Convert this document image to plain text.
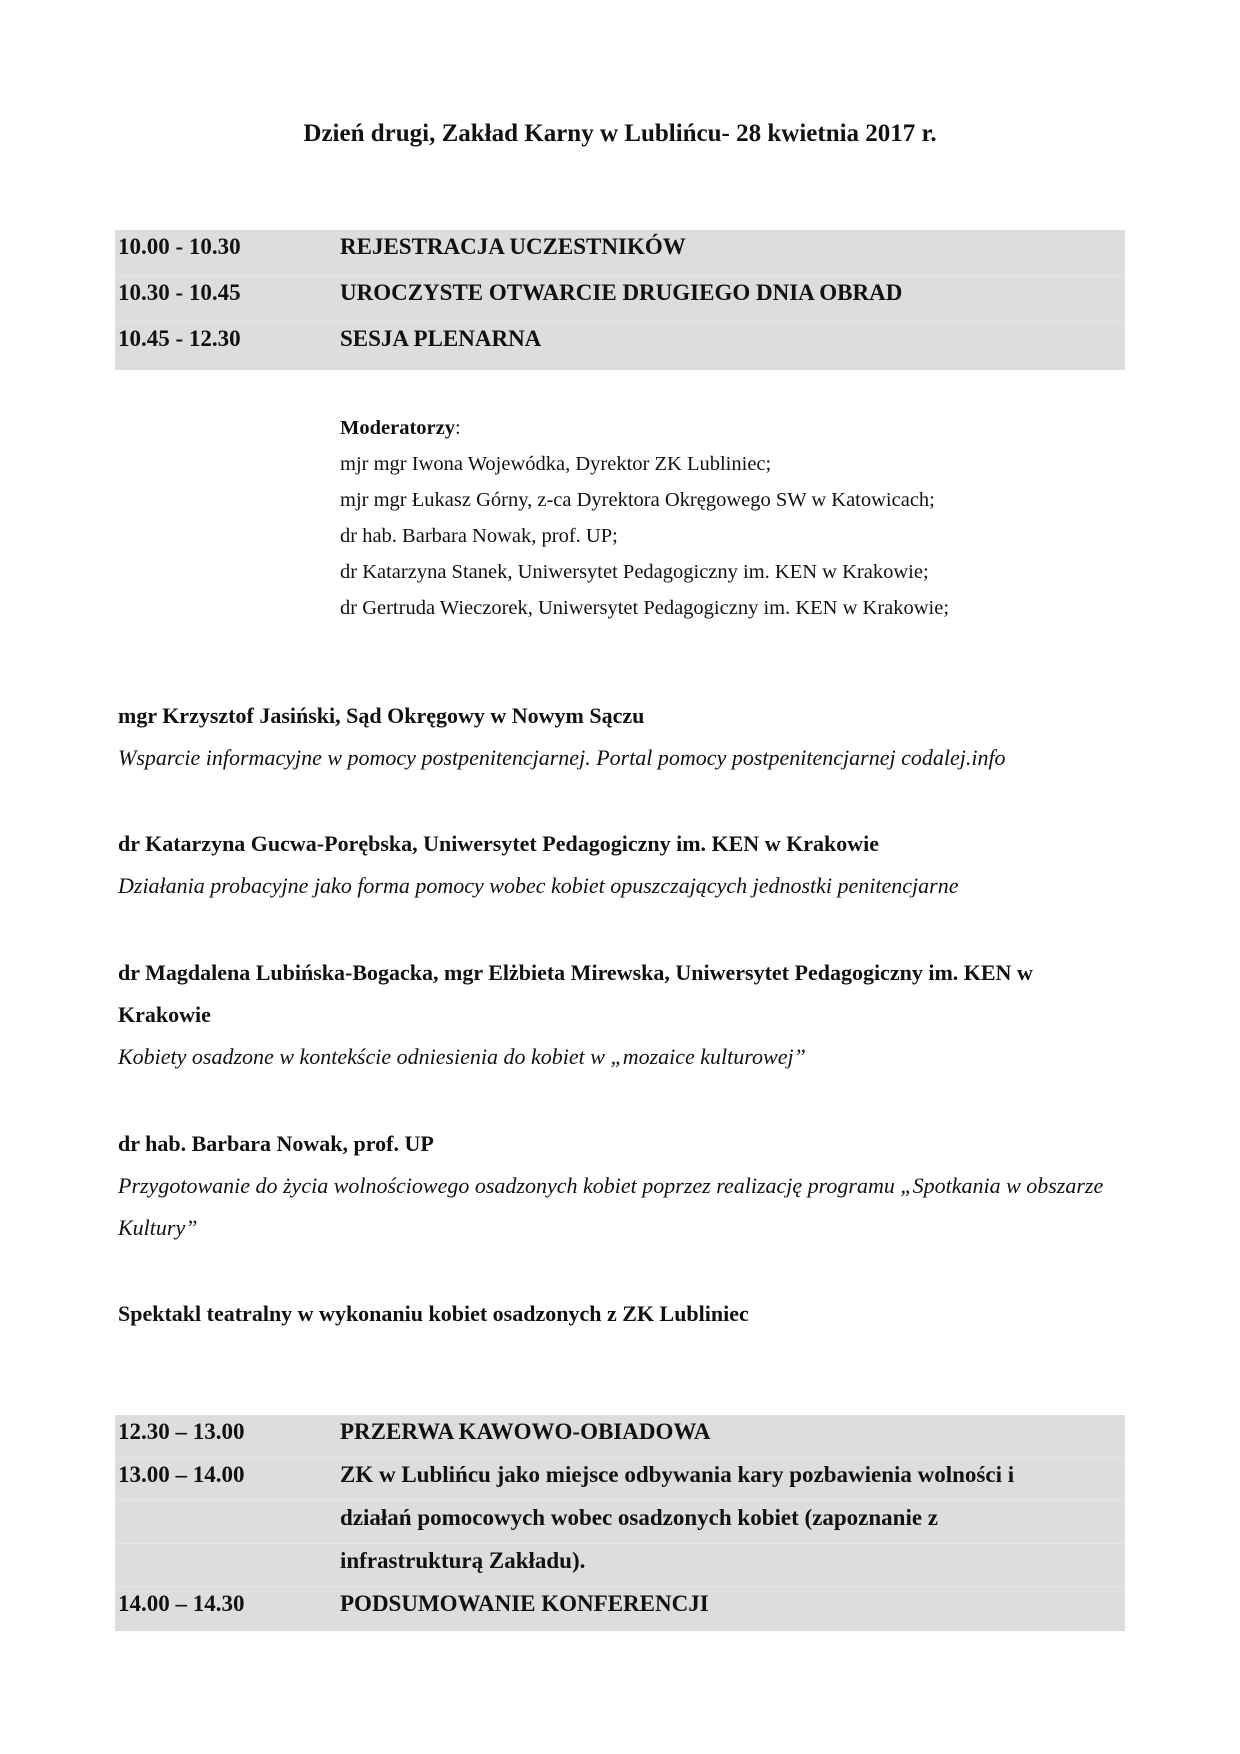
Dzień drugi, Zakład Karny w Lublińcu- 28 kwietnia 2017 r.
10.00 - 10.30	REJESTRACJA UCZESTNIKÓW
10.30 - 10.45	UROCZYSTE OTWARCIE DRUGIEGO DNIA OBRAD
10.45 - 12.30	SESJA PLENARNA
Moderatorzy:
mjr mgr Iwona Wojewódka, Dyrektor ZK Lubliniec;
mjr mgr Łukasz Górny, z-ca Dyrektora Okręgowego SW w Katowicach;
dr hab. Barbara Nowak, prof. UP;
dr Katarzyna Stanek, Uniwersytet Pedagogiczny im. KEN w Krakowie;
dr Gertruda Wieczorek, Uniwersytet Pedagogiczny im. KEN w Krakowie;
mgr Krzysztof Jasiński, Sąd Okręgowy w Nowym Sączu
Wsparcie informacyjne w pomocy postpenitencjarnej. Portal pomocy postpenitencjarnej codalej.info
dr Katarzyna Gucwa-Porębska, Uniwersytet Pedagogiczny im. KEN w Krakowie
Działania probacyjne jako forma pomocy wobec kobiet opuszczających jednostki penitencjarne
dr Magdalena Lubińska-Bogacka, mgr Elżbieta Mirewska, Uniwersytet Pedagogiczny im. KEN w Krakowie
Kobiety osadzone w kontekście odniesienia do kobiet w „mozaice kulturowej”
dr hab. Barbara Nowak, prof. UP
Przygotowanie do życia wolnościowego osadzonych kobiet poprzez realizację programu „Spotkania w obszarze Kultury”
Spektakl teatralny w wykonaniu kobiet osadzonych z ZK Lubliniec
12.30 – 13.00	PRZERWA KAWOWO-OBIADOWA
13.00 – 14.00	ZK w Lublińcu jako miejsce odbywania kary pozbawienia wolności i
działań pomocowych wobec osadzonych kobiet (zapoznanie z
infrastrukturą Zakładu).
14.00 – 14.30	PODSUMOWANIE KONFERENCJI
